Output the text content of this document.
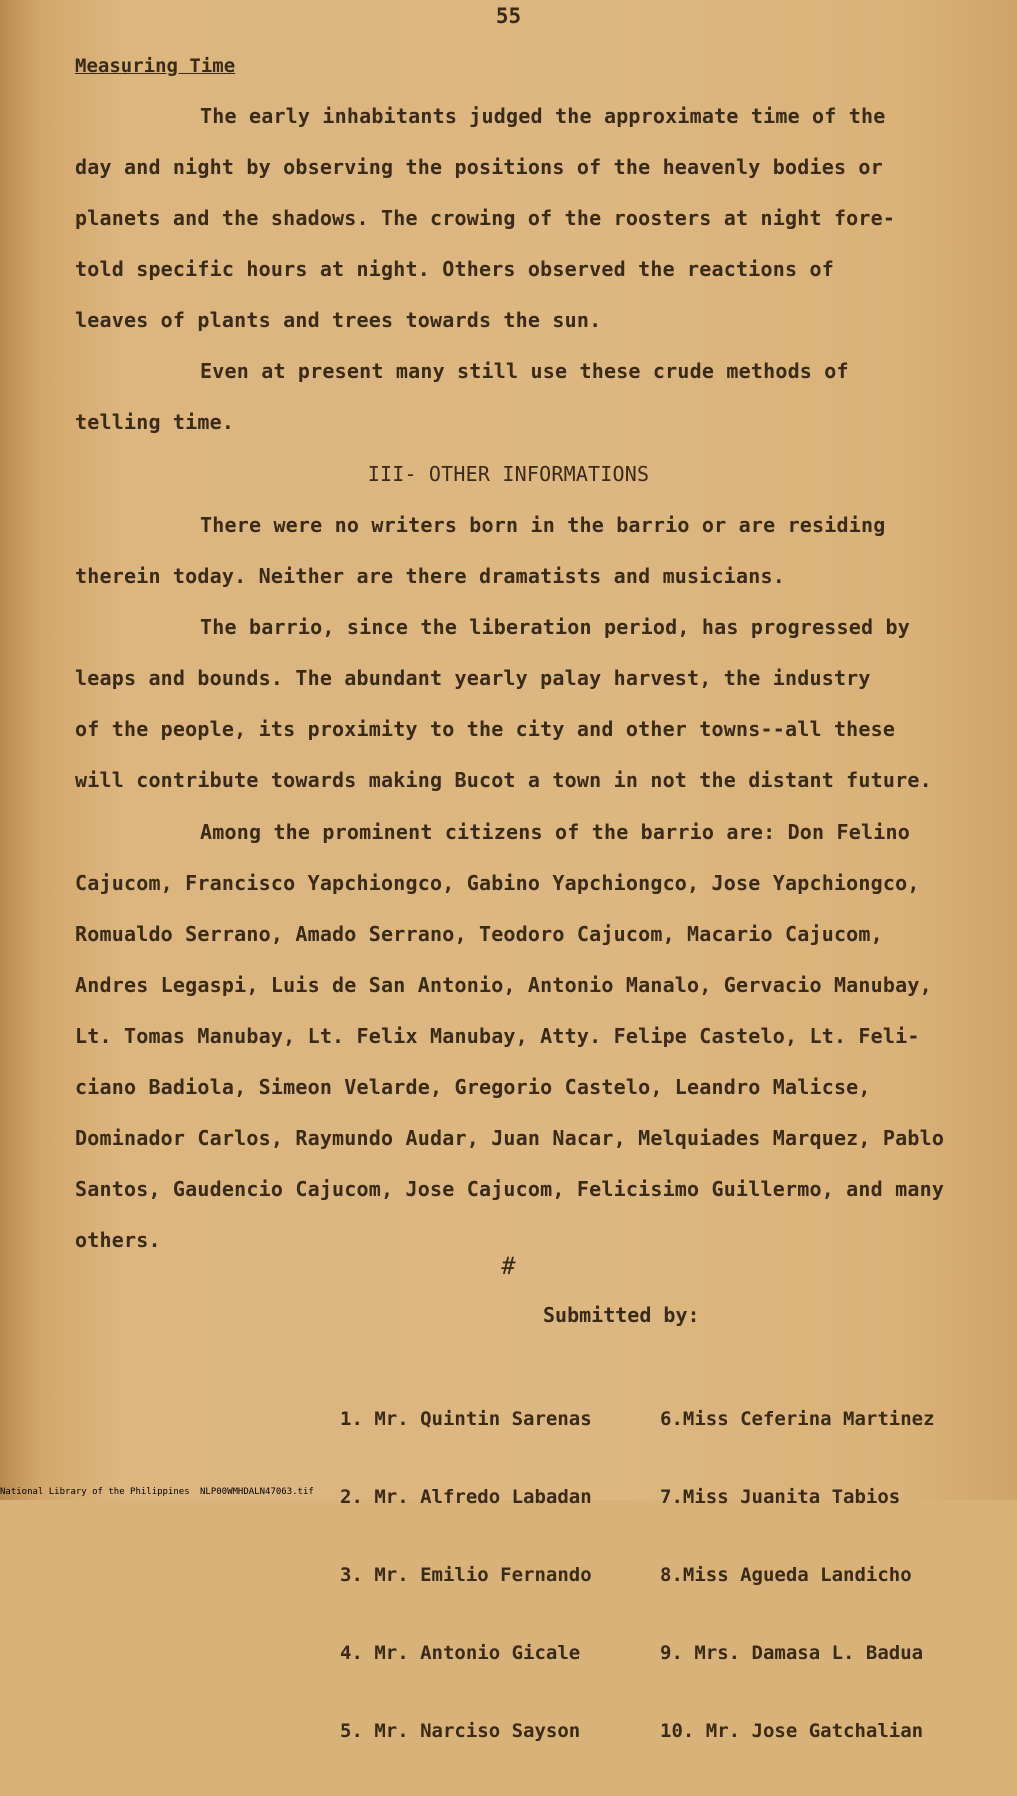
55
Measuring Time
The early inhabitants judged the approximate time of the
day and night by observing the positions of the heavenly bodies or
planets and the shadows. The crowing of the roosters at night fore-
told specific hours at night. Others observed the reactions of
leaves of plants and trees towards the sun.
Even at present many still use these crude methods of
telling time.
III- OTHER INFORMATIONS
There were no writers born in the barrio or are residing
therein today. Neither are there dramatists and musicians.
The barrio, since the liberation period, has progressed by
leaps and bounds. The abundant yearly palay harvest, the industry
of the people, its proximity to the city and other towns--all these
will contribute towards making Bucot a town in not the distant future.
Among the prominent citizens of the barrio are: Don Felino
Cajucom, Francisco Yapchiongco, Gabino Yapchiongco, Jose Yapchiongco,
Romualdo Serrano, Amado Serrano, Teodoro Cajucom, Macario Cajucom,
Andres Legaspi, Luis de San Antonio, Antonio Manalo, Gervacio Manubay,
Lt. Tomas Manubay, Lt. Felix Manubay, Atty. Felipe Castelo, Lt. Feli-
ciano Badiola, Simeon Velarde, Gregorio Castelo, Leandro Malicse,
Dominador Carlos, Raymundo Audar, Juan Nacar, Melquiades Marquez, Pablo
Santos, Gaudencio Cajucom, Jose Cajucom, Felicisimo Guillermo, and many
others.
#
Submitted by:

1. Mr. Quintin Sarenas

2. Mr. Alfredo Labadan

3. Mr. Emilio Fernando

4. Mr. Antonio Gicale

5. Mr. Narciso Sayson

6.Miss Ceferina Martinez

7.Miss Juanita Tabios

8.Miss Agueda Landicho

9. Mrs. Damasa L. Badua

10. Mr. Jose Gatchalian

National Library of the Philippines NLP00WMHDALN47063.tif
